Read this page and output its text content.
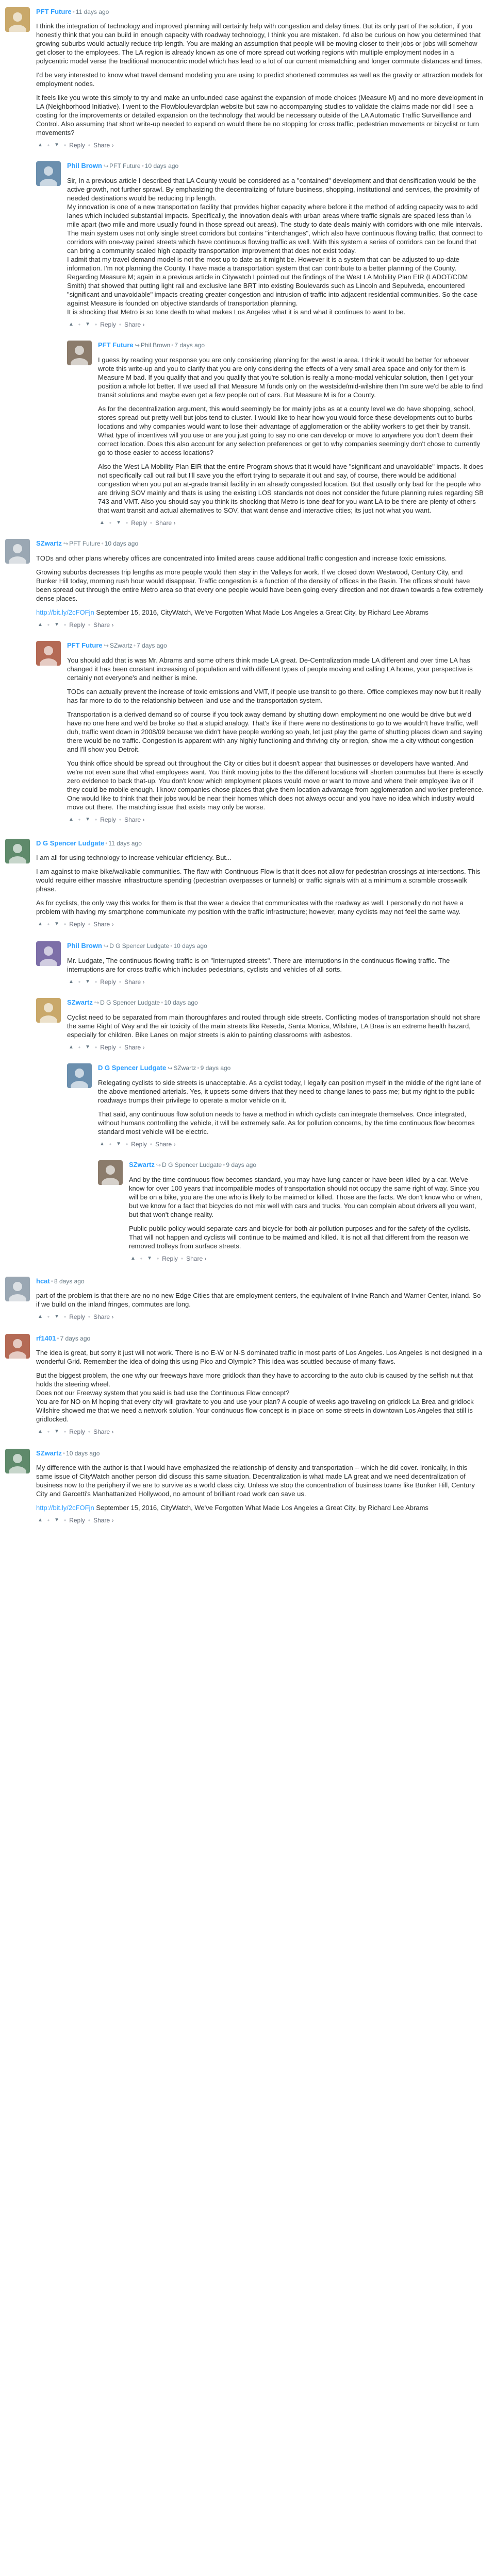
PFT Future • 11 days ago
I think the integration of technology and improved planning will certainly help with congestion and delay times. But its only part of the solution, if you honestly think that you can build in enough capacity with roadway technology, I think you are mistaken. I'd also be curious on how you determined that growing suburbs would actually reduce trip length. You are making an assumption that people will be moving closer to their jobs or jobs will somehow get closer to the employees. The LA region is already known as one of more spread out working regions with multiple employment nodes in a polycentric model verse the traditional monocentric model which has lead to a lot of our current mismatching and longer commute distances and times.
I'd be very interested to know what travel demand modeling you are using to predict shortened commutes as well as the gravity or attraction models for employment nodes.
It feels like you wrote this simply to try and make an unfounded case against the expansion of mode choices (Measure M) and no more development in LA (Neighborhood Initiative). I went to the Flowbloulevardplan website but saw no accompanying studies to validate the claims made nor did I see a costing for the improvements or detailed expansion on the technology that would be necessary outside of the LA Automatic Traffic Surveillance and Control. Also assuming that short write-up needed to expand on would there be no stopping for cross traffic, pedestrian movements or bicyclist or turn movements?
▲ • ▼ • Reply • Share ›
Phil Brown ↪ PFT Future • 10 days ago
Sir, In a previous article I described that LA County would be considered as a "contained" development and that densification would be the active growth, not further sprawl. By emphasizing the decentralizing of future business, shopping, institutional and services, the proximity of needed destinations would be reducing trip length.
My innovation is one of a new transportation facility that provides higher capacity where before it the method of adding capacity was to add lanes which included substantial impacts. Specifically, the innovation deals with urban areas where traffic signals are spaced less than ½ mile apart (two mile and more usually found in those spread out areas). The study to date deals mainly with corridors with one mile intervals. The main system uses not only single street corridors but contains "interchanges", which also have continuous flowing traffic, that connect to corridors with one-way paired streets which have continuous flowing traffic as well. With this system a series of corridors can be found that can bring a community scaled high capacity transportation improvement that does not exist today.
I admit that my travel demand model is not the most up to date as it might be. However it is a system that can be adjusted to up-date information. I'm not planning the County. I have made a transportation system that can contribute to a better planning of the County.
Regarding Measure M; again in a previous article in Citywatch I pointed out the findings of the West LA Mobility Plan EIR (LADOT/CDM Smith) that showed that putting light rail and exclusive lane BRT into existing Boulevards such as Lincoln and Sepulveda, encountered "significant and unavoidable" impacts creating greater congestion and intrusion of traffic into adjacent residential communities. So the case against Measure is founded on objective standards of transportation planning.
It is shocking that Metro is so tone death to what makes Los Angeles what it is and what it continues to want to be.
▲ • ▼ • Reply • Share ›
PFT Future ↪ Phil Brown • 7 days ago
I guess by reading your response you are only considering planning for the west la area. I think it would be better for whoever wrote this write-up and you to clarify that you are only considering the effects of a very small area space and only for them is Measure M bad. If you qualify that and you qualify that you're solution is really a mono-modal vehicular solution, then I get your position a whole lot better. If we used all that Measure M funds only on the westside/mid-wilshire then I'm sure we'd be able to find transit solutions and maybe even get a few people out of cars. But Measure M is for a County.
As for the decentralization argument, this would seemingly be for mainly jobs as at a county level we do have shopping, school, stores spread out pretty well but jobs tend to cluster. I would like to hear how you would force these developments out to burbs locations and why companies would want to lose their advantage of agglomeration or the ability workers to get their by transit. What type of incentives will you use or are you just going to say no one can develop or move to anywhere you don't deem their correct location. Does this also account for any selection preferences or get to why companies seemingly don't chose to currently go to those easier to access locations?
Also the West LA Mobility Plan EIR that the entire Program shows that it would have "significant and unavoidable" impacts. It does not specifically call out rail but I'll save you the effort trying to separate it out and say, of course, there would be additional congestion when you put an at-grade transit facility in an already congested location. But that usually only bad for the people who are driving SOV mainly and thats is using the existing LOS standards not does not consider the future planning rules regarding SB 743 and VMT. Also you should say you think its shocking that Metro is tone deaf for you want LA to be there are plenty of others that want transit and actual alternatives to SOV, that want dense and interactive cities; its just not what you want.
▲ • ▼ • Reply • Share ›
SZwartz ↪ PFT Future • 10 days ago
TODs and other plans whereby offices are concentrated into limited areas cause additional traffic congestion and increase toxic emissions.
Growing suburbs decreases trip lengths as more people would then stay in the Valleys for work. If we closed down Westwood, Century City, and Bunker Hill today, morning rush hour would disappear. Traffic congestion is a function of the density of offices in the Basin. The offices should have been spread out through the entire Metro area so that every one people would have been going every direction and not drawn towards a few extremely dense places.
http://bit.ly/2cFOFjn September 15, 2016, CityWatch, We've Forgotten What Made Los Angeles a Great City, by Richard Lee Abrams
▲ • ▼ • Reply • Share ›
PFT Future ↪ SZwartz • 7 days ago
You should add that is was Mr. Abrams and some others think made LA great. De-Centralization made LA different and over time LA has changed it has been constant increasing of population and with different types of people moving and calling LA home, your perspective is certainly not everyone's and neither is mine.
TODs can actually prevent the increase of toxic emissions and VMT, if people use transit to go there. Office complexes may now but it really has far more to do to the relationship between land use and the transportation system.
Transportation is a derived demand so of course if you took away demand by shutting down employment no one would be drive but we'd have no one here and we'd be broke so that a stupid analogy. That's like if there were no destinations to go to we wouldn't have traffic, well duh, traffic went down in 2008/09 because we didn't have people working so yeah, let just play the game of shutting places down and saying there would be no traffic. Congestion is apparent with any highly functioning and thriving city or region, show me a city without congestion and I'll show you Detroit.
You think office should be spread out throughout the City or cities but it doesn't appear that businesses or developers have wanted. And we're not even sure that what employees want. You think moving jobs to the the different locations will shorten commutes but there is exactly zero evidence to back that-up. You don't know which employment places would move or want to move and where their employee live or if they could be mobile enough. I know companies chose places that give them location advantage from agglomeration and worker preference. One would like to think that their jobs would be near their homes which does not always occur and you have no idea which industry would move out there. The matching issue that exists may only be worse.
▲ • ▼ • Reply • Share ›
D G Spencer Ludgate • 11 days ago
I am all for using technology to increase vehicular efficiency. But...
I am against to make bike/walkable communities. The flaw with Continuous Flow is that it does not allow for pedestrian crossings at intersections. This would require either massive infrastructure spending (pedestrian overpasses or tunnels) or traffic signals with at a minimum a scramble crosswalk phase.
As for cyclists, the only way this works for them is that the wear a device that communicates with the roadway as well. I personally do not have a problem with having my smartphone communicate my position with the traffic infrastructure; however, many cyclists may not feel the same way.
▲ • ▼ • Reply • Share ›
Phil Brown ↪ D G Spencer Ludgate • 10 days ago
Mr. Ludgate, The continuous flowing traffic is on "Interrupted streets". There are interruptions in the continuous flowing traffic. The interruptions are for cross traffic which includes pedestrians, cyclists and vehicles of all sorts.
▲ • ▼ • Reply • Share ›
SZwartz ↪ D G Spencer Ludgate • 10 days ago
Cyclist need to be separated from main thoroughfares and routed through side streets. Conflicting modes of transportation should not share the same Right of Way and the air toxicity of the main streets like Reseda, Santa Monica, Wilshire, LA Brea is an extreme health hazard, especially for children. Bike Lanes on major streets is akin to painting classrooms with asbestos.
▲ • ▼ • Reply • Share ›
D G Spencer Ludgate ↪ SZwartz • 9 days ago
Relegating cyclists to side streets is unacceptable. As a cyclist today, I legally can position myself in the middle of the right lane of the above mentioned arterials. Yes, it upsets some drivers that they need to change lanes to pass me; but my right to the public roadways trumps their privilege to operate a motor vehicle on it.
That said, any continuous flow solution needs to have a method in which cyclists can integrate themselves. Once integrated, without humans controlling the vehicle, it will be extremely safe. As for pollution concerns, by the time continuous flow becomes standard most vehicle will be electric.
▲ • ▼ • Reply • Share ›
SZwartz ↪ D G Spencer Ludgate • 9 days ago
And by the time continuous flow becomes standard, you may have lung cancer or have been killed by a car. We've know for over 100 years that incompatible modes of transportation should not occupy the same right of way. Since you will be on a bike, you are the one who is likely to be maimed or killed. Those are the facts. We don't know who or when, but we know for a fact that bicycles do not mix well with cars and trucks. You can complain about drivers all you want, but that won't change reality.
Public public policy would separate cars and bicycle for both air pollution purposes and for the safety of the cyclists. That will not happen and cyclists will continue to be maimed and killed. It is not all that different from the reason we removed trolleys from surface streets.
▲ • ▼ • Reply • Share ›
hcat • 8 days ago
part of the problem is that there are no no new Edge Cities that are employment centers, the equivalent of Irvine Ranch and Warner Center, inland. So if we build on the inland fringes, commutes are long.
▲ • ▼ • Reply • Share ›
rf1401 • 7 days ago
The idea is great, but sorry it just will not work. There is no E-W or N-S dominated traffic in most parts of Los Angeles. Los Angeles is not designed in a wonderful Grid. Remember the idea of doing this using Pico and Olympic? This idea was scuttled because of many flaws.
But the biggest problem, the one why our freeways have more gridlock than they have to according to the auto club is caused by the selfish nut that holds the steering wheel.
Does not our Freeway system that you said is bad use the Continuous Flow concept?
You are for NO on M hoping that every city will gravitate to you and use your plan? A couple of weeks ago traveling on gridlock La Brea and gridlock Wilshire showed me that we need a network solution. Your continuous flow concept is in place on some streets in downtown Los Angeles that still is gridlocked.
▲ • ▼ • Reply • Share ›
SZwartz • 10 days ago
My difference with the author is that I would have emphasized the relationship of density and transportation -- which he did cover. Ironically, in this same issue of CityWatch another person did discuss this same situation. Decentralization is what made LA great and we need decentralization of business now to the periphery if we are to survive as a world class city. Unless we stop the concentration of business towns like Bunker Hill, Century City and Garcetti's Manhattanized Hollywood, no amount of brilliant road work can save us.
http://bit.ly/2cFOFjn September 15, 2016, CityWatch, We've Forgotten What Made Los Angeles a Great City, by Richard Lee Abrams
▲ • ▼ • Reply • Share ›
